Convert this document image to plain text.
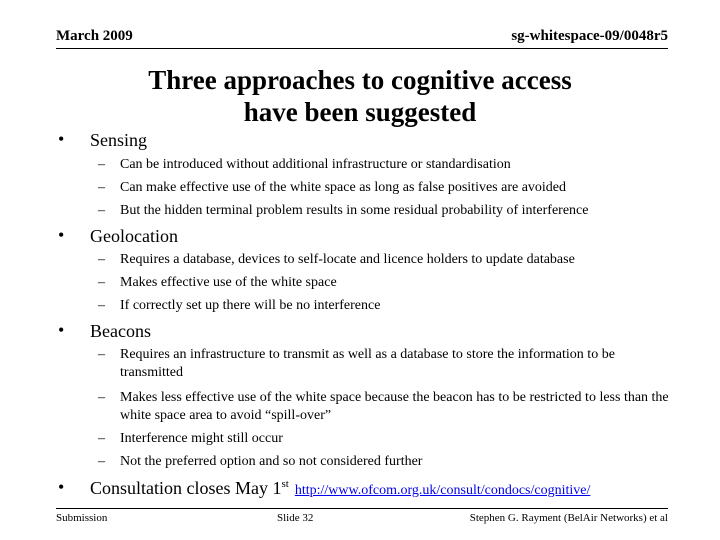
March 2009	sg-whitespace-09/0048r5
Three approaches to cognitive access
have been suggested
• Sensing
– Can be introduced without additional infrastructure or standardisation
– Can make effective use of the white space as long as false positives are avoided
– But the hidden terminal problem results in some residual probability of interference
• Geolocation
– Requires a database, devices to self-locate and licence holders to update database
– Makes effective use of the white space
– If correctly set up there will be no interference
• Beacons
– Requires an infrastructure to transmit as well as a database to store the information to be transmitted
– Makes less effective use of the white space because the beacon has to be restricted to less than the white space area to avoid “spill-over”
– Interference might still occur
– Not the preferred option and so not considered further
• Consultation closes May 1st http://www.ofcom.org.uk/consult/condocs/cognitive/
Submission	Slide 32	Stephen G. Rayment (BelAir Networks) et al
